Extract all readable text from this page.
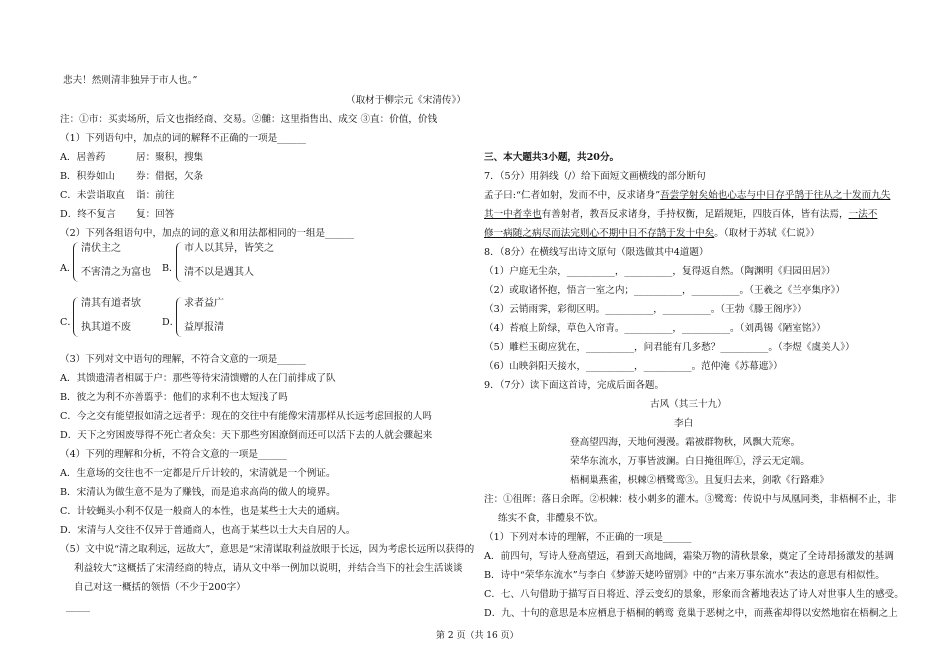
悲夫！然则清非独异于市人也。”
（取材于柳宗元《宋清传》）
注：①市：买卖场所，后文也指经商、交易。②雠：这里指售出、成交 ③直：价值，价钱
（1）下列语句中，加点的词的解释不正确的一项是______
A．居善药	居：聚积，搜集
B．积券如山 券：借据，欠条
C．未尝诣取直 诣：前往
D．终不复言 复：回答
（2）下列各组语句中，加点的词的意义和用法都相同的一组是______
A．
清伏主之
不害清之为富也 B．
市人以其异，皆笑之
清不以是遇其人
C．
清其有道者欤
执其道不废	D．
求者益广
益厚报清
（3）下列对文中语句的理解，不符合文意的一项是______
A．其馈遗清者相属于户：那些等待宋清馈赠的人在门前排成了队
B．彼之为利不亦善翦乎：他们的求利不也太短浅了吗
C．今之交有能望报如清之远者乎：现在的交往中有能像宋清那样从长远考虑回报的人吗
D．天下之穷困废辱得不死亡者众矣：天下那些穷困潦倒而还可以活下去的人就会骤起来
（4）下列的理解和分析，不符合文意的一项是______
A．生意场的交往也不一定都是斤斤计较的，宋清就是一个例证。
B．宋清认为做生意不是为了赚钱，而是追求高尚的做人的境界。
C．计较蝇头小利不仅是一般商人的本性，也是某些士大夫的通病。
D．宋清与人交往不仅异于普通商人，也高于某些以士大夫自居的人。
（5）文中说“清之取利远，远故大”，意思是“宋清谋取利益放眼于长远，因为考虑长远所以获得的
利益较大”这概括了宋清经商的特点，请从文中举一例加以说明，并结合当下的社会生活谈谈
自己对这一概括的领悟（不少于200字）
_____
三、本大题共3小题，共20分。
7．（5分）用斜线（/）给下面短文画横线的部分断句
孟子曰:“仁者如射，发而不中，反求诸身”吾尝学射矣始也心志与中日存乎鹄于往从之十发而九失
其一中者幸也有善射者，教吾反求诸身，手持权衡，足蹈规矩，四肢百体，皆有法焉，一法不
修一病随之病尽而法完则心不期中日不存鹄于发十中矣。（取材于苏轼《仁说》）
8．（8分）在横线写出诗文原句（限选做其中4道题）
（1）户庭无尘杂，__________，__________，复得返自然。（陶渊明《归园田居》）
（2）或取诸怀抱，悟言一室之内；__________，__________。（王羲之《兰亭集序》）
（3）云销雨霁，彩彻区明。__________，__________。（王勃《滕王阁序》）
（4）苔痕上阶绿，草色入帘青。__________，__________。（刘禹锡《陋室铭》）
（5）雕栏玉砌应犹在，__________，问君能有几多愁？__________。（李煜《虞美人》）
（6）山映斜阳天接水，__________，__________。范仲淹《苏幕遮》）
9．（7分）读下面这首诗，完成后面各题。
古风（其三十九）
李白
登高望四海，天地何漫漫。霜被群物秋，风飘大荒寒。
荣华东流水，万事皆波澜。白日掩徂晖①，浮云无定端。
梧桐巢燕雀，枳棘②栖鹭鸾③。且复归去来，剑歌《行路难》
注：①徂晖：落日余晖。②枳棘：枝小刺多的灌木。③鹭鸾：传说中与凤凰同类，非梧桐不止，非
练实不食，非醴泉不饮。
（1）下列对本诗的理解，不正确的一项是______
A．前四句，写诗人登高望远，看到天高地阔，霜染万物的清秋景象，奠定了全诗昂扬激发的基调
B．诗中“荣华东流水”与李白《梦游天姥吟留别》中的“古来万事东流水”表达的意思有相似性。
C．七、八句借助于描写百日将近、浮云变幻的景象，形象而含蓄地表达了诗人对世事人生的感受。
D．九、十句的意思是本应栖息于梧桐的鹌鸾 竟巢于恶树之中，而燕雀却得以安然地宿在梧桐之上
第 2 页（共 16 页）
